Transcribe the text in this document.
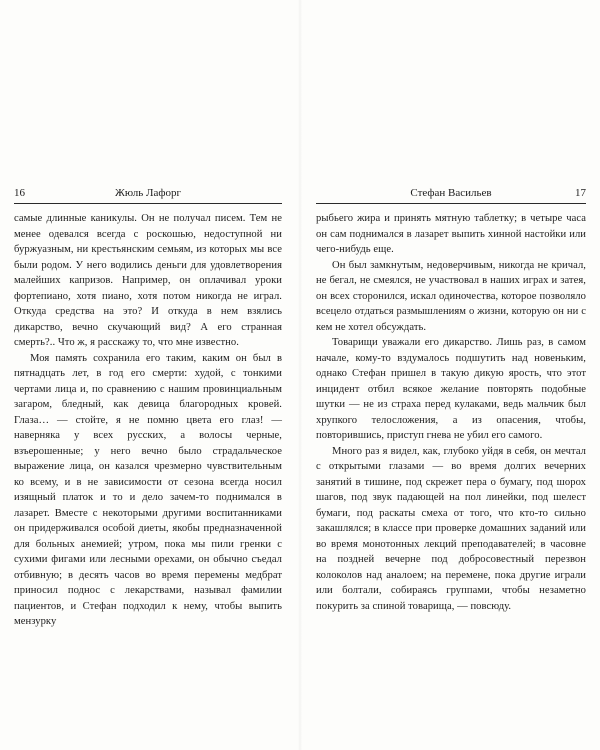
16	Жюль Лафорг

самые длинные каникулы. Он не получал писем. Тем не менее одевался всегда с роскошью, недоступной ни буржуазным, ни крестьянским семьям, из которых мы все были родом. У него водились деньги для удовлетворения малейших капризов. Например, он оплачивал уроки фортепиано, хотя пиано, хотя потом никогда не играл. Откуда средства на это? И откуда в нем взялись дикарство, вечно скучающий вид? А его странная смерть?.. Что ж, я расскажу то, что мне известно.

Моя память сохранила его таким, каким он был в пятнадцать лет, в год его смерти: худой, с тонкими чертами лица и, по сравнению с нашим провинциальным загаром, бледный, как девица благородных кровей. Глаза… — стойте, я не помню цвета его глаз! — наверняка у всех русских, а волосы черные, взъерошенные; у него вечно было страдальческое выражение лица, он казался чрезмерно чувствительным ко всему, и в не зависимости от сезона всегда носил изящный платок и то и дело зачем-то поднимался в лазарет. Вместе с некоторыми другими воспитанниками он придерживался особой диеты, якобы предназначенной для больных анемией; утром, пока мы пили гренки с сухими фигами или лесными орехами, он обычно съедал отбивную; в десять часов во время перемены медбрат приносил поднос с лекарствами, называл фамилии пациентов, и Стефан подходил к нему, чтобы выпить мензурку

Стефан Васильев	17

рыбьего жира и принять мятную таблетку; в четыре часа он сам поднимался в лазарет выпить хинной настойки или чего-нибудь еще.

Он был замкнутым, недоверчивым, никогда не кричал, не бегал, не смеялся, не участвовал в наших играх и затея, он всех сторонился, искал одиночества, которое позволяло всецело отдаться размышлениям о жизни, которую он ни с кем не хотел обсуждать.

Товарищи уважали его дикарство. Лишь раз, в самом начале, кому-то вздумалось подшутить над новеньким, однако Стефан пришел в такую дикую ярость, что этот инцидент отбил всякое желание повторять подобные шутки — не из страха перед кулаками, ведь мальчик был хрупкого телосложения, а из опасения, чтобы, повторившись, приступ гнева не убил его самого.

Много раз я видел, как, глубоко уйдя в себя, он мечтал с открытыми глазами — во время долгих вечерних занятий в тишине, под скрежет пера о бумагу, под шорох шагов, под звук падающей на пол линейки, под шелест бумаги, под раскаты смеха от того, что кто-то сильно закашлялся; в классе при проверке домашних заданий или во время монотонных лекций преподавателей; в часовне на поздней вечерне под добросовестный перезвон колоколов над аналоем; на перемене, пока другие играли или болтали, собираясь группами, чтобы незаметно покурить за спиной товарища, — повсюду.
